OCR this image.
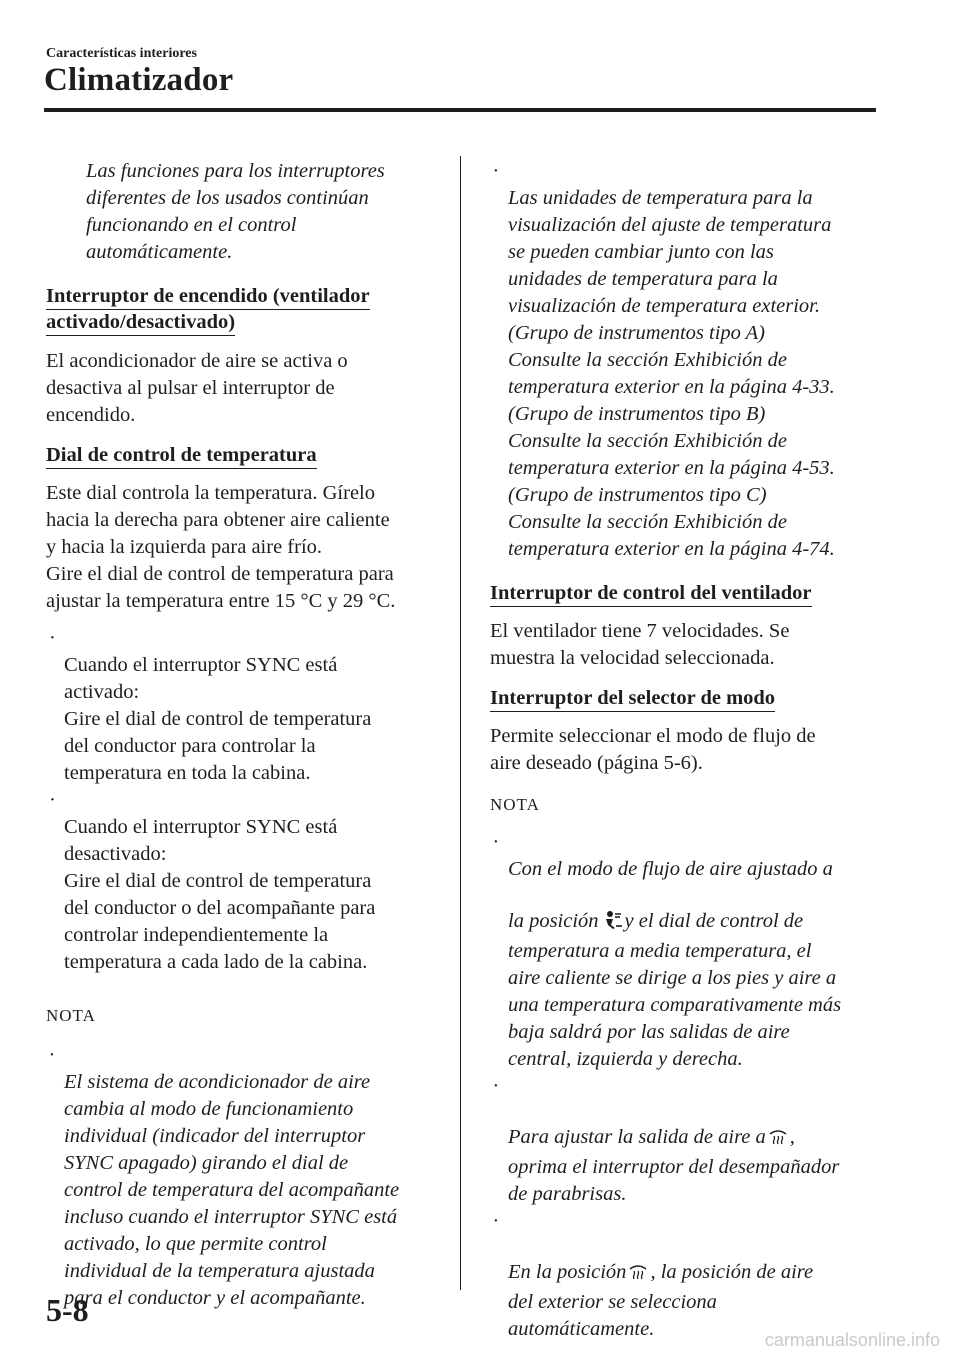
Características interiores
Climatizador

Las funciones para los interruptores
diferentes de los usados continúan
funcionando en el control
automáticamente.

Interruptor de encendido (ventilador
activado/desactivado)

El acondicionador de aire se activa o
desactiva al pulsar el interruptor de
encendido.

Dial de control de temperatura

Este dial controla la temperatura. Gírelo
hacia la derecha para obtener aire caliente
y hacia la izquierda para aire frío.
Gire el dial de control de temperatura para
ajustar la temperatura entre 15 °C y 29 °C.

·
Cuando el interruptor SYNC está
activado:
Gire el dial de control de temperatura
del conductor para controlar la
temperatura en toda la cabina.

·
Cuando el interruptor SYNC está
desactivado:
Gire el dial de control de temperatura
del conductor o del acompañante para
controlar independientemente la
temperatura a cada lado de la cabina.

NOTA

·
El sistema de acondicionador de aire
cambia al modo de funcionamiento
individual (indicador del interruptor
SYNC apagado) girando el dial de
control de temperatura del acompañante
incluso cuando el interruptor SYNC está
activado, lo que permite control
individual de la temperatura ajustada
para el conductor y el acompañante.

·
Las unidades de temperatura para la
visualización del ajuste de temperatura
se pueden cambiar junto con las
unidades de temperatura para la
visualización de temperatura exterior.
(Grupo de instrumentos tipo A)
Consulte la sección Exhibición de
temperatura exterior en la página 4-33.
(Grupo de instrumentos tipo B)
Consulte la sección Exhibición de
temperatura exterior en la página 4-53.
(Grupo de instrumentos tipo C)
Consulte la sección Exhibición de
temperatura exterior en la página 4-74.

Interruptor de control del ventilador

El ventilador tiene 7 velocidades. Se
muestra la velocidad seleccionada.

Interruptor del selector de modo

Permite seleccionar el modo de flujo de
aire deseado (página 5-6).

NOTA

·
Con el modo de flujo de aire ajustado a
la posición y el dial de control de
temperatura a media temperatura, el
aire caliente se dirige a los pies y aire a
una temperatura comparativamente más
baja saldrá por las salidas de aire
central, izquierda y derecha.

·
Para ajustar la salida de aire a ,
oprima el interruptor del desempañador
de parabrisas.

·
En la posición , la posición de aire
del exterior se selecciona
automáticamente.

5-8
carmanualsonline.info
